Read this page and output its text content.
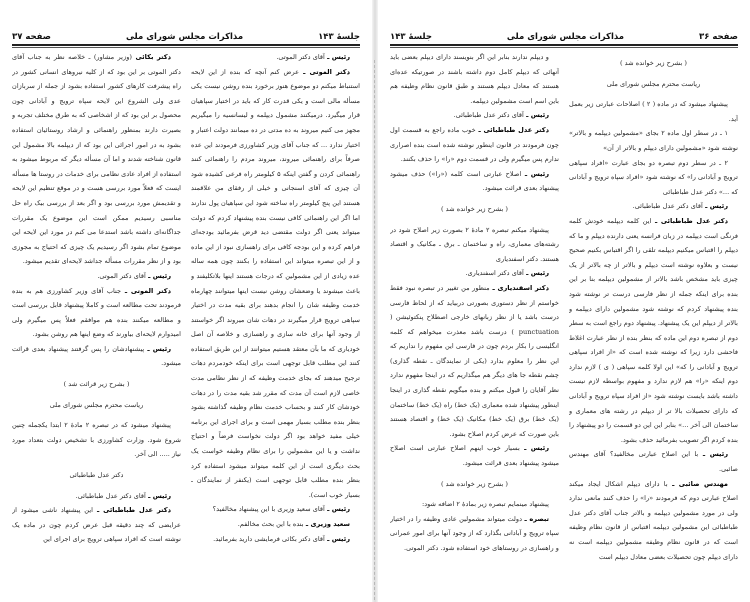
جلسهٔ ۱۴۳
مذاکرات مجلس شورای ملی
صفحه ۳۷

رئیس ـ آقای دکتر الموتی.

دکتر الموتی ـ عرض کنم آنچه که بنده از این لایحه استنباط میکنم دو موضوع هنوز برخورد بنده روشن نیست یکی مسأله مالی است و یکی قدرت کار که باید در اختیار سپاهیان قرار میگیرد. درمیکنند مشمول دیپلمه و لیسانسیه را میگیریم مجهز می کنیم میروند به ده مدتی در ده میمانند دولت اعتبار و اختیار ندارد ... که جناب آقای وزیر کشاورزی فرمودند این عده صرفاً برای راهنمائی میروند، میروند مردم را راهنمائی کنند راهنمائی کردن و گفتن اینکه ۵ کیلومتر راه فرعی کشیده شود آن چیزی که آقای اسنجانی و خیلی از رفقای من علاقمند هستند این پنج کیلومتر راه ساخته شود این سپاهیان پول ندارند اما اگر این راهنمائی کافی نیست بنده پیشنهاد کردم که دولت میتواند یعنی اگر دولت مقتضی دید قرض بفرمائید بودجه‌ای فراهم کرده و این بودجه کافی برای راهسازی نبود از این ماده و از این تبصره میتواند این استفاده را بکنند چون همه ساله عده زیادی از این مشمولین که درجات هستند اینها بلاتکلیفند و باعث میشوند یا وضعشان روشن نیست اینها میتوانند چهارماه خدمت وظیفه شان را انجام بدهند برای بقیه مدت در اختیار سپاهی ترویج قرار میگیرند در دهات شان میروند اگر خواستند از وجود آنها برای خانه سازی و راهسازی و خلاصه آن اصل خودیاری که ما بآن معتقد هستیم میتوانند از این طریق استفاده کنند این مطلب قابل توجهی است برای اینکه خودمردم دهات ترجیح میدهند که بجای خدمت وظیفه که از نظر نظامی مدت خاصی لازم است آن مدت که مقرر شد بقیه مدت را در دهات خودشان کار کنند و بحساب خدمت نظام وظیفه گذاشته بشود بنظر بنده مطلب بسیار مهمی است و برای اجرای این برنامه خیلی مفید خواهد بود اگر دولت نخواست فرضاً و احتیاج نداشت و یا این مشمولین را برای نظام وظیفه خواست یک بحث دیگری است از این کلمه میتواند میشود استفاده کرد بنظر بنده مطلب قابل توجهی است (یکنفر از نمایندگان ـ بسیار خوب است).

رئیس ـ آقای سعید وزیری با این پیشنهاد مخالفید؟

سعید وزیری ـ بنده با این بحث مخالفم.

رئیس ـ آقای دکتر بکائی فرمایشی دارید بفرمائید.

دکتر بکائی (وزیر مشاور) ـ خلاصه نظر به جناب آقای دکتر الموتی بر این بود که از کلیه نیروهای انسانی کشور در راه پیشرفت کارهای کشور استفاده بشود از جمله از سربازان عدی ولی الشروع این لایحه سپاه ترویج و آبادانی چون محصول بر این بود که از اشخاصی که به طرق مختلف تجربه و بصیرت دارند بمنظور راهنمائی و ارشاد روستائیان استفاده بشود به در امور اجرائی این بود که از دیپلمه بالا مشمول این قانون شناخته شدند و اما آن مسأله دیگر که مربوط میشود به استفاده از افراد عادی نظامی برای خدمات در روستا ها مسأله ایست که فعلاً مورد بررسی هست و در موقع تنظیم این لایحه و تقدیمش مورد بررسی بود و اگر بعد از بررسی بیک راه حل مناسبی رسیدیم ممکن است این موضوع یک مقررات جداگانه‌ای داشته باشد استدعا می کنم در مورد این لایحه این موضوع تمام بشود اگر رسیدیم یک چیزی که احتیاج به مجوزی بود و از نظر مقررات مسأله جداشد لایحه‌ای تقدیم میشود.

رئیس ـ آقای دکتر الموتی.

دکتر الموتی ـ جناب آقای وزیر کشاورزی هم به بنده فرمودند تحت مطالعه است و کاملا پیشنهاد قابل بررسی است و مطالعه میکنند بنده هم موافقم فعلاً پس میگیرم ولی امیدوارم لایحه‌ای بیاورند که وضع اینها هم روشن بشود.

رئیس ـ پیشنهادشان را پس گرفتند پیشنهاد بعدی قرائت میشود.

( بشرح زیر قرائت شد )

ریاست محترم مجلس شورای ملی

پیشنهاد میشود که در تبصره ۲ مادهٔ ۲ ابتدا یکجمله چنین شروع شود. وزارت کشاورزی با تشخیص دولت بتعداد مورد نیاز ..... الی آخر.

دکتر عدل طباطبائی

رئیس ـ آقای دکتر عدل طباطبائی.

دکتر عدل طباطبائی ـ این پیشنهاد ناشی میشود از عرایضی که چند دقیقه قبل عرض کردم چون در ماده یک نوشته است که افراد سپاهی ترویج برای اجرای این

صفحه ۳۶
مذاکرات مجلس شورای ملی
جلسهٔ ۱۴۳

( بشرح زیر خوانده شد )

ریاست محترم مجلس شورای ملی

پیشنهاد میشود که در ماده ( ۲ ) اصلاحات عبارتی زیر بعمل آید.

۱ ـ در سطر اول ماده ۲ بجای «مشمولین دیپلمه و بالاتر» نوشته شود «مشمولین دارای دیپلم و بالاتر از آن»

۲ ـ در سطر دوم تبصره دو بجای عبارت «افراد سپاهی ترویج و آبادانی را» که نوشته شود «افراد سپاه ترویج و آبادانی که ...» دکتر عدل طباطبائی

رئیس ـ آقای دکتر عدل طباطبائی.

دکتر عدل طباطبائی ـ این کلمه دیپلمه خودش کلمه فرنگی است دیپلمه در زبان فرانسه یعنی دارنده دیپلم و ما که دیپلم را اقتباس میکنیم دیپلمه تلقی را اگر اقتباس بکنیم صحیح نیست و بعلاوه نوشته است دیپلم و بالاتر از چه بالاتر از یک چیزی باید مشخص باشد بالاتر از مشمولین دیپلمه بنا بر این بنده برای اینکه جمله از نظر فارسی درست تر نوشته شود بنده پیشنهاد کردم که نوشته شود مشمولین دارای دیپلمه و بالاتر از دیپلم این یک پیشنهاد. پیشنهاد دوم راجع است به سطر دوم از تبصره دوم این ماده که بنظر بنده از نظر عبارت اغلاط فاحشی دارد زیرا که نوشته شده است که «از افراد سپاهی ترویج و آبادانی را که» این اولا کلمه سپاهی ( ی ) لازم ندارد دوم اینکه «را» هم لازم ندارد و مفهوم بواسطه لازم نیست داشته باشد بایست نوشته شود «از افراد سپاه ترویج و آبادانی که دارای تحصیلات بالا تر از دیپلم در رشته های معماری و ساختمان الی آخر ...» بنابر این این دو قسمت را دو پیشنهاد را بنده کردم اگر تصویب بفرمائید حذف بشود.

رئیس ـ با این اصلاح عبارتی مخالفید؟ آقای مهندس صائبی.

مهندس صائبی ـ با دارای دیپلم اشکال ایجاد میکند اصلاح عبارتی دوم که فرمودند «را» را حذف کنند مانعی ندارد ولی در مورد مشمولین دیپلمه و بالاتر جناب آقای دکتر عدل طباطبائی این مشمولین دیپلمه اقتباس از قانون نظام وظیفه است که در قانون نظام وظیفه مشمولین دیپلمه است نه دارای دیپلم چون تحصیلات بعضی معادل دیپلم است

و دیپلم ندارند بنابر این اگر بنویسند دارای دیپلم بعضی باید آنهائی که دیپلم کامل دوم داشته باشند در صورتیکه عده‌ای هستند که معادل دیپلم هستند و طبق قانون نظام وظیفه هم باین اسم است مشمولین دیپلمه.

رئیس ـ آقای دکتر عدل طباطبائی.

دکتر عدل طباطبائی ـ خوب ماده راجع به قسمت اول چون فرمودند در قانون اینطور نوشته شده است بنده اصراری ندارم پس میگیرم ولی در قسمت دوم «را» را حذف بکنند.

رئیس ـ اصلاح عبارتی است کلمه («را») حذف میشود پیشنهاد بعدی قرائت میشود.

( بشرح زیر خوانده شد )

پیشنهاد میکنم تبصره ۲ مادهٔ ۲ بصورت زیر اصلاح شود در رشته‌های معماری، راه و ساختمان ـ برق ـ مکانیک و اقتصاد هستند. دکتر اسفندیاری

رئیس ـ آقای دکتر اسفندیاری.

دکتر اسفندیاری ـ منظور من تغییر در تبصره نبود فقط خواستم از نظر دستوری بصورتی دربیاید که از لحاظ فارسی درست باشد یا از نظر زبانهای خارجی اصطلاح پنکتوئیشن ( punctuation ) درست باشد معذرت میخواهم که کلمه انگلیسی را بکار بردم چون در فارسی این مفهوم را نداریم که این نظر را معلوم بدارد (یکی از نمایندگان ـ نقطه گذاری) چشم نقطه جا های دیگر هم میگذاریم که در اینجا مفهوم ندارد نظر آقایان را قبول میکنم و بنده میگویم نقطه گذاری در اینجا اینطور پیشنهاد شده معماری (یک خط) راه (یک خط) ساختمان (یک خط) برق (یک خط) مکانیک (یک خط) و اقتصاد هستند باین صورت که عرض کردم اصلاح بشود.

رئیس ـ بسیار خوب اینهم اصلاح عبارتی است اصلاح میشود پیشنهاد بعدی قرائت میشود.

( بشرح زیر خوانده شد )

پیشنهاد مینمایم تبصره زیر بمادهٔ ۲ اضافه شود:

تبصره ـ دولت میتواند مشمولین عادی وظیفه را در اختیار سپاه ترویج و آبادانی بگذارد که از وجود آنها برای امور عمرانی و راهسازی در روستاهای خود استفاده شود. دکتر الموتی.
